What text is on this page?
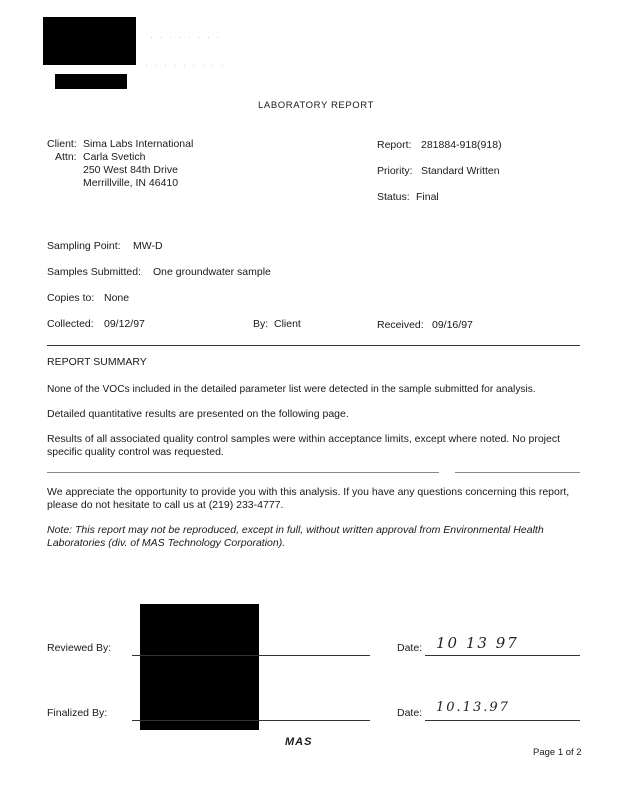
· · · · · · · ·
· · · · · · · · ·
LABORATORY REPORT
Client: Sima Labs International
Attn: Carla Svetich
250 West 84th Drive
Merrillville, IN 46410
Report: 281884-918(918)
Priority: Standard Written
Status: Final
Sampling Point: MW-D
Samples Submitted: One groundwater sample
Copies to: None
Collected: 09/12/97	By: Client	Received: 09/16/97
REPORT SUMMARY
None of the VOCs included in the detailed parameter list were detected in the sample submitted for analysis.
Detailed quantitative results are presented on the following page.
Results of all associated quality control samples were within acceptance limits, except where noted. No project specific quality control was requested.
We appreciate the opportunity to provide you with this analysis. If you have any questions concerning this report, please do not hesitate to call us at (219) 233-4777.
Note: This report may not be reproduced, except in full, without written approval from Environmental Health Laboratories (div. of MAS Technology Corporation).
Reviewed By:	Date: 10 13 97
Finalized By:	Date: 10.13.97
MAS
Page 1 of 2
